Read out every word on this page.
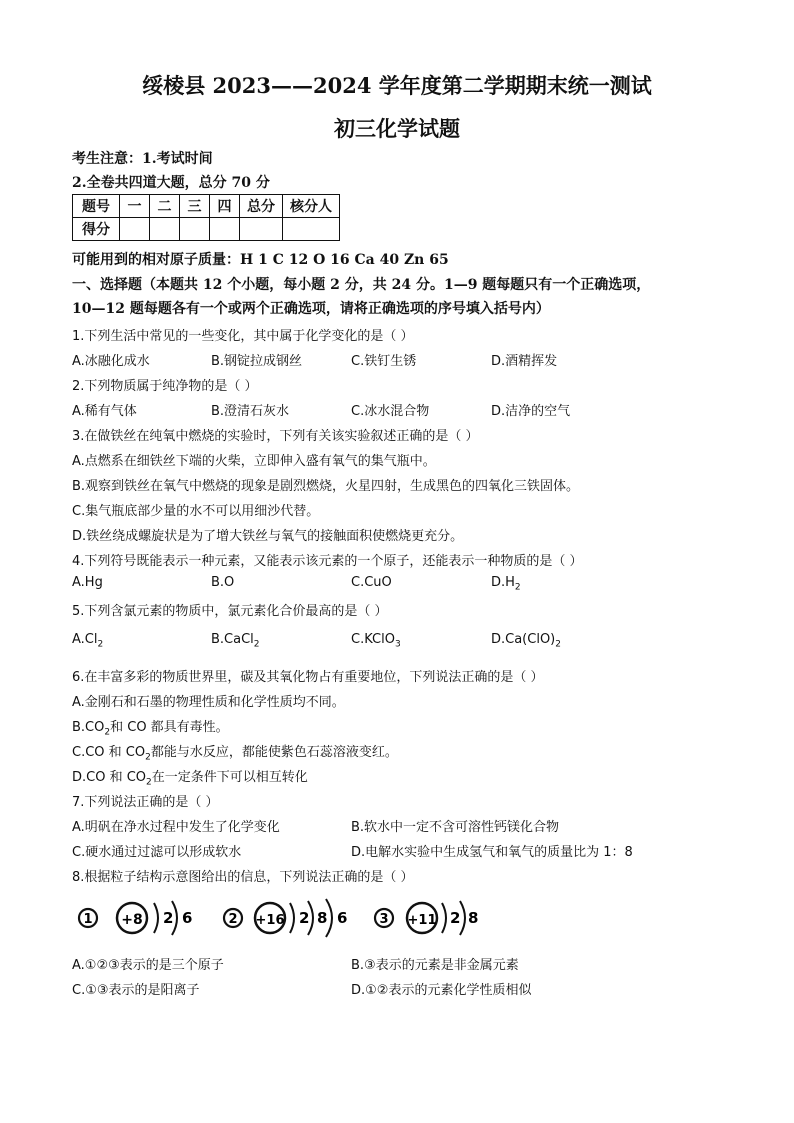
绥棱县 2023——2024 学年度第二学期期末统一测试
初三化学试题
考生注意：1.考试时间
2.全卷共四道大题，总分 70 分
题号	一	二	三	四	总分	核分人
得分						
可能用到的相对原子质量：H 1 C 12 O 16 Ca 40 Zn 65
一、选择题（本题共 12 个小题，每小题 2 分，共 24 分。1—9 题每题只有一个正确选项，
10—12 题每题各有一个或两个正确选项，请将正确选项的序号填入括号内）
1.下列生活中常见的一些变化，其中属于化学变化的是（ ）
A.冰融化成水	B.钢锭拉成钢丝	C.铁钉生锈	D.酒精挥发
2.下列物质属于纯净物的是（ ）
A.稀有气体	B.澄清石灰水	C.冰水混合物	D.洁净的空气
3.在做铁丝在纯氧中燃烧的实验时，下列有关该实验叙述正确的是（ ）
A.点燃系在细铁丝下端的火柴，立即伸入盛有氧气的集气瓶中。
B.观察到铁丝在氧气中燃烧的现象是剧烈燃烧，火星四射，生成黑色的四氧化三铁固体。
C.集气瓶底部少量的水不可以用细沙代替。
D.铁丝绕成螺旋状是为了增大铁丝与氧气的接触面积使燃烧更充分。
4.下列符号既能表示一种元素，又能表示该元素的一个原子，还能表示一种物质的是（ ）
A.Hg	B.O	C.CuO	$D.H_2$
5.下列含氯元素的物质中，氯元素化合价最高的是（ ）
$A.Cl_2$	B.CaCl$_2$	C.KClO$_3$	$D.Ca(ClO)_2$
6.在丰富多彩的物质世界里，碳及其氧化物占有重要地位，下列说法正确的是（ ）
A.金刚石和石墨的物理性质和化学性质均不同。
$B.CO_2$和 CO 都具有毒性。
C.CO 和 $CO_2$都能与水反应，都能使紫色石蕊溶液变红。
D.CO 和 $CO_2$在一定条件下可以相互转化
7.下列说法正确的是（ ）
A.明矾在净水过程中发生了化学变化	B.软水中一定不含可溶性钙镁化合物
C.硬水通过过滤可以形成软水	D.电解水实验中生成氢气和氧气的质量比为 1：8
8.根据粒子结构示意图给出的信息，下列说法正确的是（ ）
1 +8 2 6	2 +16 2 8 6 3 +11 2 8
A.①②③表示的是三个原子	B.③表示的元素是非金属元素
C.①③表示的是阳离子	D.①②表示的元素化学性质相似
